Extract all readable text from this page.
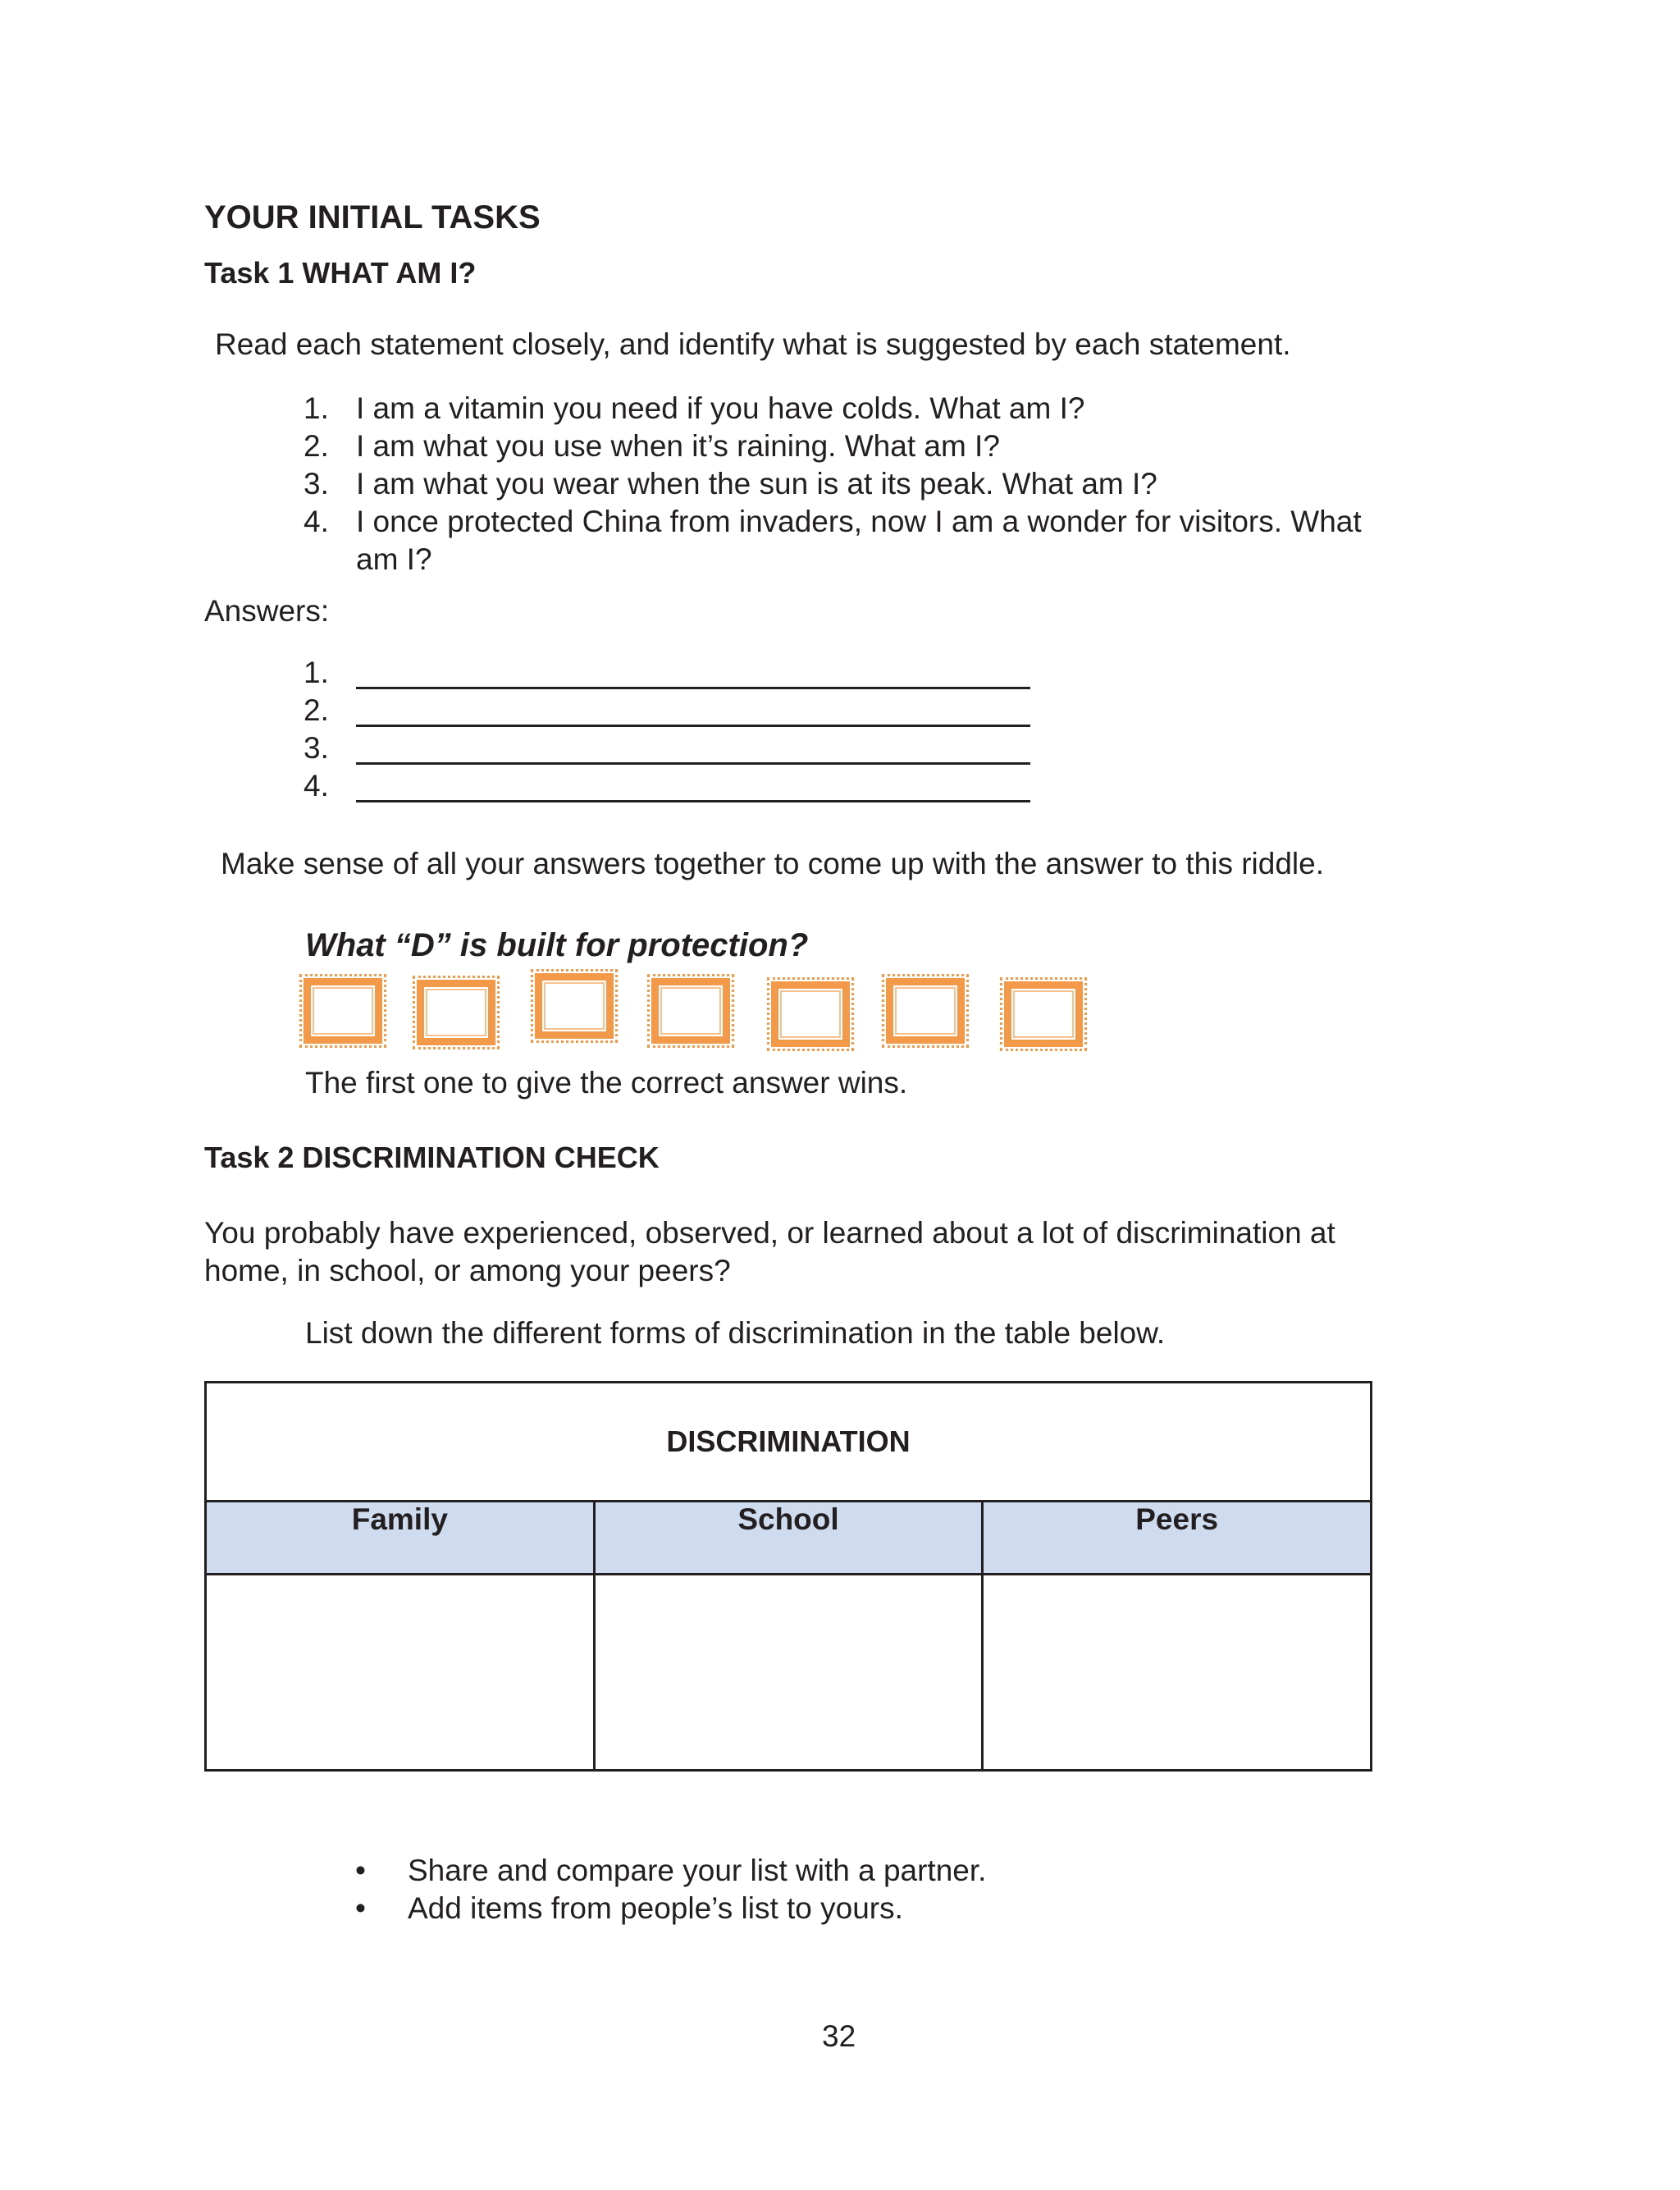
YOUR INITIAL TASKS
Task 1 WHAT AM I?
Read each statement closely, and identify what is suggested by each statement.
1. I am a vitamin you need if you have colds. What am I?
2. I am what you use when it’s raining. What am I?
3. I am what you wear when the sun is at its peak. What am I?
4. I once protected China from invaders, now I am a wonder for visitors. What
am I?
Answers:
1.
2.
3.
4.
Make sense of all your answers together to come up with the answer to this riddle.
What “D” is built for protection?
The first one to give the correct answer wins.
Task 2 DISCRIMINATION CHECK
You probably have experienced, observed, or learned about a lot of discrimination at
home, in school, or among your peers?
List down the different forms of discrimination in the table below.
DISCRIMINATION		
Family	School	Peers

• Share and compare your list with a partner.
• Add items from people’s list to yours.
32
